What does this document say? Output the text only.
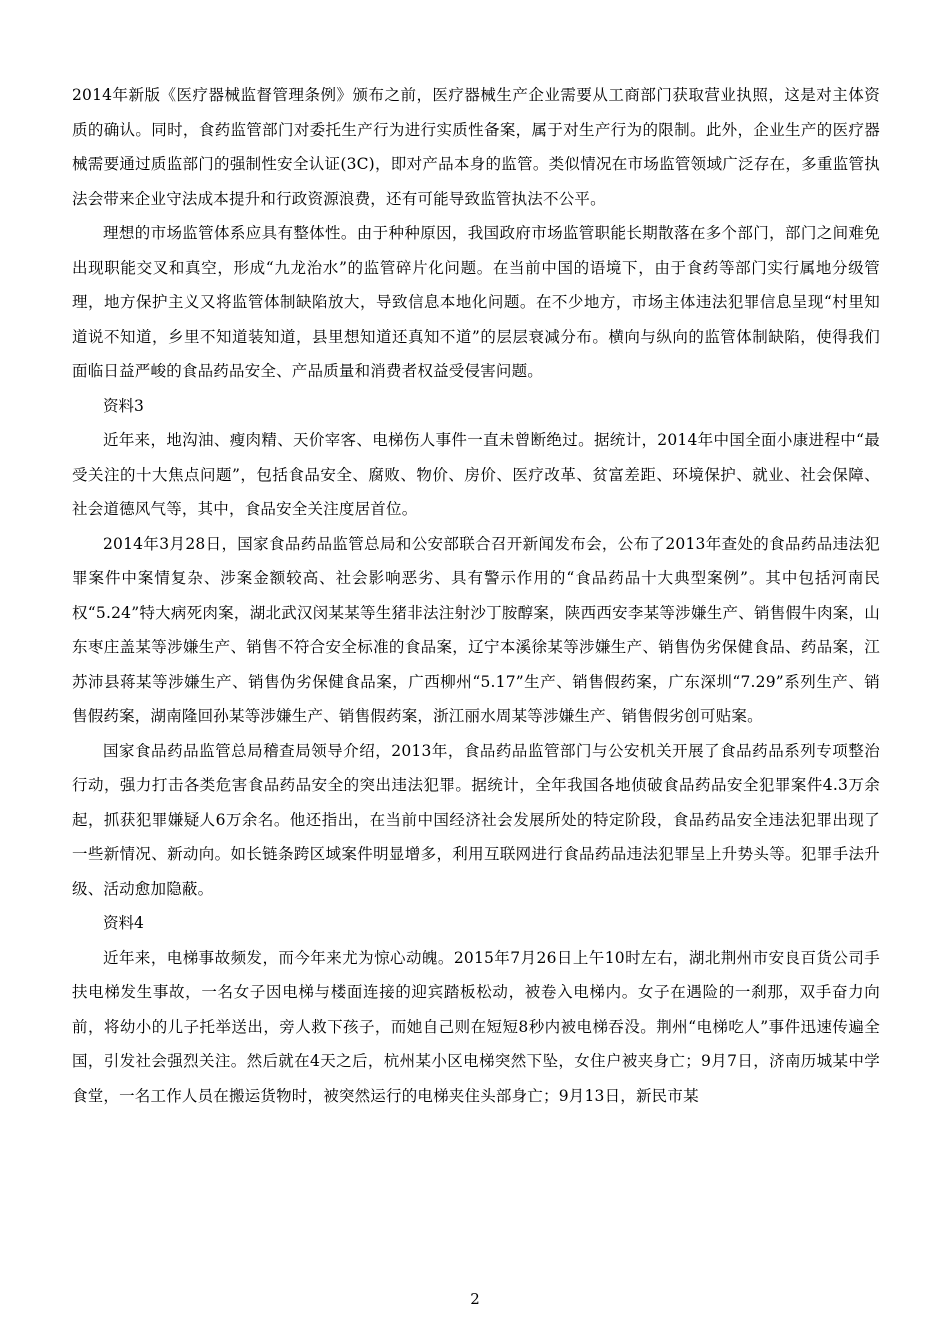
2014年新版《医疗器械监督管理条例》颁布之前，医疗器械生产企业需要从工商部门获取营业执照，这是对主体资质的确认。同时，食药监管部门对委托生产行为进行实质性备案，属于对生产行为的限制。此外，企业生产的医疗器械需要通过质监部门的强制性安全认证(3C)，即对产品本身的监管。类似情况在市场监管领域广泛存在，多重监管执法会带来企业守法成本提升和行政资源浪费，还有可能导致监管执法不公平。

理想的市场监管体系应具有整体性。由于种种原因，我国政府市场监管职能长期散落在多个部门，部门之间难免出现职能交叉和真空，形成“九龙治水”的监管碎片化问题。在当前中国的语境下，由于食药等部门实行属地分级管理，地方保护主义又将监管体制缺陷放大，导致信息本地化问题。在不少地方，市场主体违法犯罪信息呈现“村里知道说不知道，乡里不知道装知道，县里想知道还真知不道”的层层衰减分布。横向与纵向的监管体制缺陷，使得我们面临日益严峻的食品药品安全、产品质量和消费者权益受侵害问题。

资料3

近年来，地沟油、瘦肉精、天价宰客、电梯伤人事件一直未曾断绝过。据统计，2014年中国全面小康进程中“最受关注的十大焦点问题”，包括食品安全、腐败、物价、房价、医疗改革、贫富差距、环境保护、就业、社会保障、社会道德风气等，其中，食品安全关注度居首位。

2014年3月28日，国家食品药品监管总局和公安部联合召开新闻发布会，公布了2013年查处的食品药品违法犯罪案件中案情复杂、涉案金额较高、社会影响恶劣、具有警示作用的“食品药品十大典型案例”。其中包括河南民权“5.24”特大病死肉案，湖北武汉闵某某等生猪非法注射沙丁胺醇案，陕西西安李某等涉嫌生产、销售假牛肉案，山东枣庄盖某等涉嫌生产、销售不符合安全标准的食品案，辽宁本溪徐某等涉嫌生产、销售伪劣保健食品、药品案，江苏沛县蒋某等涉嫌生产、销售伪劣保健食品案，广西柳州“5.17”生产、销售假药案，广东深圳“7.29”系列生产、销售假药案，湖南隆回孙某等涉嫌生产、销售假药案，浙江丽水周某等涉嫌生产、销售假劣创可贴案。

国家食品药品监管总局稽查局领导介绍，2013年，食品药品监管部门与公安机关开展了食品药品系列专项整治行动，强力打击各类危害食品药品安全的突出违法犯罪。据统计，全年我国各地侦破食品药品安全犯罪案件4.3万余起，抓获犯罪嫌疑人6万余名。他还指出，在当前中国经济社会发展所处的特定阶段，食品药品安全违法犯罪出现了一些新情况、新动向。如长链条跨区域案件明显增多，利用互联网进行食品药品违法犯罪呈上升势头等。犯罪手法升级、活动愈加隐蔽。

资料4

近年来，电梯事故频发，而今年来尤为惊心动魄。2015年7月26日上午10时左右，湖北荆州市安良百货公司手扶电梯发生事故，一名女子因电梯与楼面连接的迎宾踏板松动，被卷入电梯内。女子在遇险的一刹那，双手奋力向前，将幼小的儿子托举送出，旁人救下孩子，而她自己则在短短8秒内被电梯吞没。荆州“电梯吃人”事件迅速传遍全国，引发社会强烈关注。然后就在4天之后，杭州某小区电梯突然下坠，女住户被夹身亡；9月7日，济南历城某中学食堂，一名工作人员在搬运货物时，被突然运行的电梯夹住头部身亡；9月13日，新民市某

2
